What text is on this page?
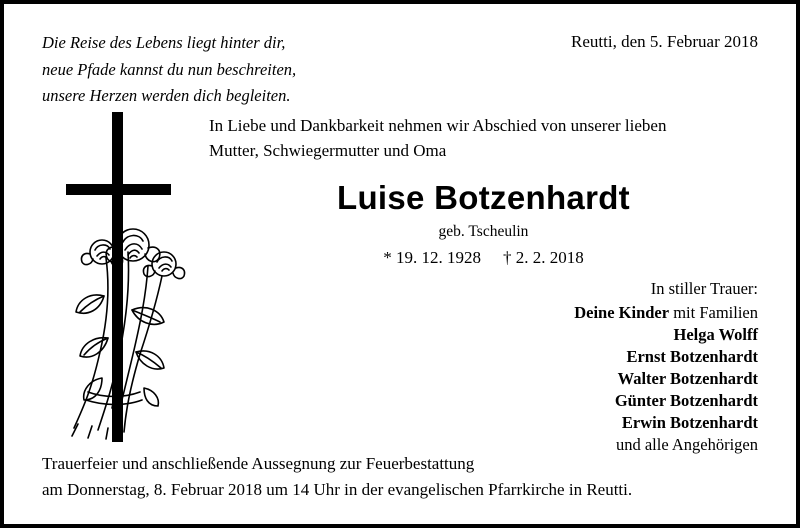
Die Reise des Lebens liegt hinter dir,
neue Pfade kannst du nun beschreiten,
unsere Herzen werden dich begleiten.
Reutti, den 5. Februar 2018
In Liebe und Dankbarkeit nehmen wir Abschied von unserer lieben
Mutter, Schwiegermutter und Oma
Luise Botzenhardt
geb. Tscheulin
* 19. 12. 1928 † 2. 2. 2018
In stiller Trauer:
Deine Kinder mit Familien
Helga Wolff
Ernst Botzenhardt
Walter Botzenhardt
Günter Botzenhardt
Erwin Botzenhardt
und alle Angehörigen
Trauerfeier und anschließende Aussegnung zur Feuerbestattung
am Donnerstag, 8. Februar 2018 um 14 Uhr in der evangelischen Pfarrkirche in Reutti.
